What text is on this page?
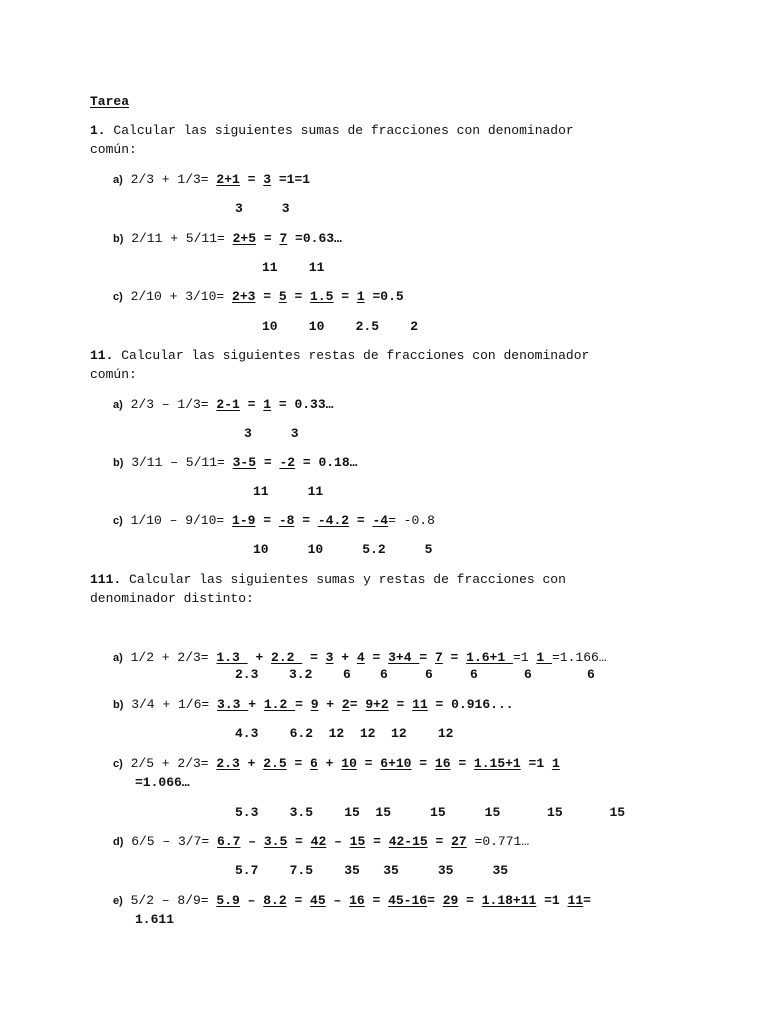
Tarea
1. Calcular las siguientes sumas de fracciones con denominador
común:
a) 2/3 + 1/3= 2+1 = 3 =1=1
3     3
b) 2/11 + 5/11= 2+5 = 7 =0.63…
11    11
c) 2/10 + 3/10= 2+3 = 5 = 1.5 = 1 =0.5
10    10    2.5    2
11. Calcular las siguientes restas de fracciones con denominador
común:
a) 2/3 – 1/3= 2-1 = 1 = 0.33…
3     3
b) 3/11 – 5/11= 3-5 = -2 = 0.18…
11     11
c) 1/10 – 9/10= 1-9 = -8 = -4.2 = -4= -0.8
10     10     5.2     5
111. Calcular las siguientes sumas y restas de fracciones con
denominador distinto:
a) 1/2 + 2/3= 1.3  + 2.2  = 3 + 4 = 3+4 = 7 = 1.6+1 =1 1 =1.166…
2.3 3.2 6 6	6	6	6	6
b) 3/4 + 1/6= 3.3 + 1.2 = 9 + 2= 9+2 = 11 = 0.916...
4.3    6.2  12  12  12    12
c) 2/5 + 2/3= 2.3 + 2.5 = 6 + 10 = 6+10 = 16 = 1.15+1 =1 1
=1.066…
5.3    3.5    15  15     15     15      15      15
d) 6/5 – 3/7= 6.7 – 3.5 = 42 – 15 = 42-15 = 27 =0.771…
5.7    7.5    35   35     35     35
e) 5/2 – 8/9= 5.9 – 8.2 = 45 – 16 = 45-16= 29 = 1.18+11 =1 11=
1.611
